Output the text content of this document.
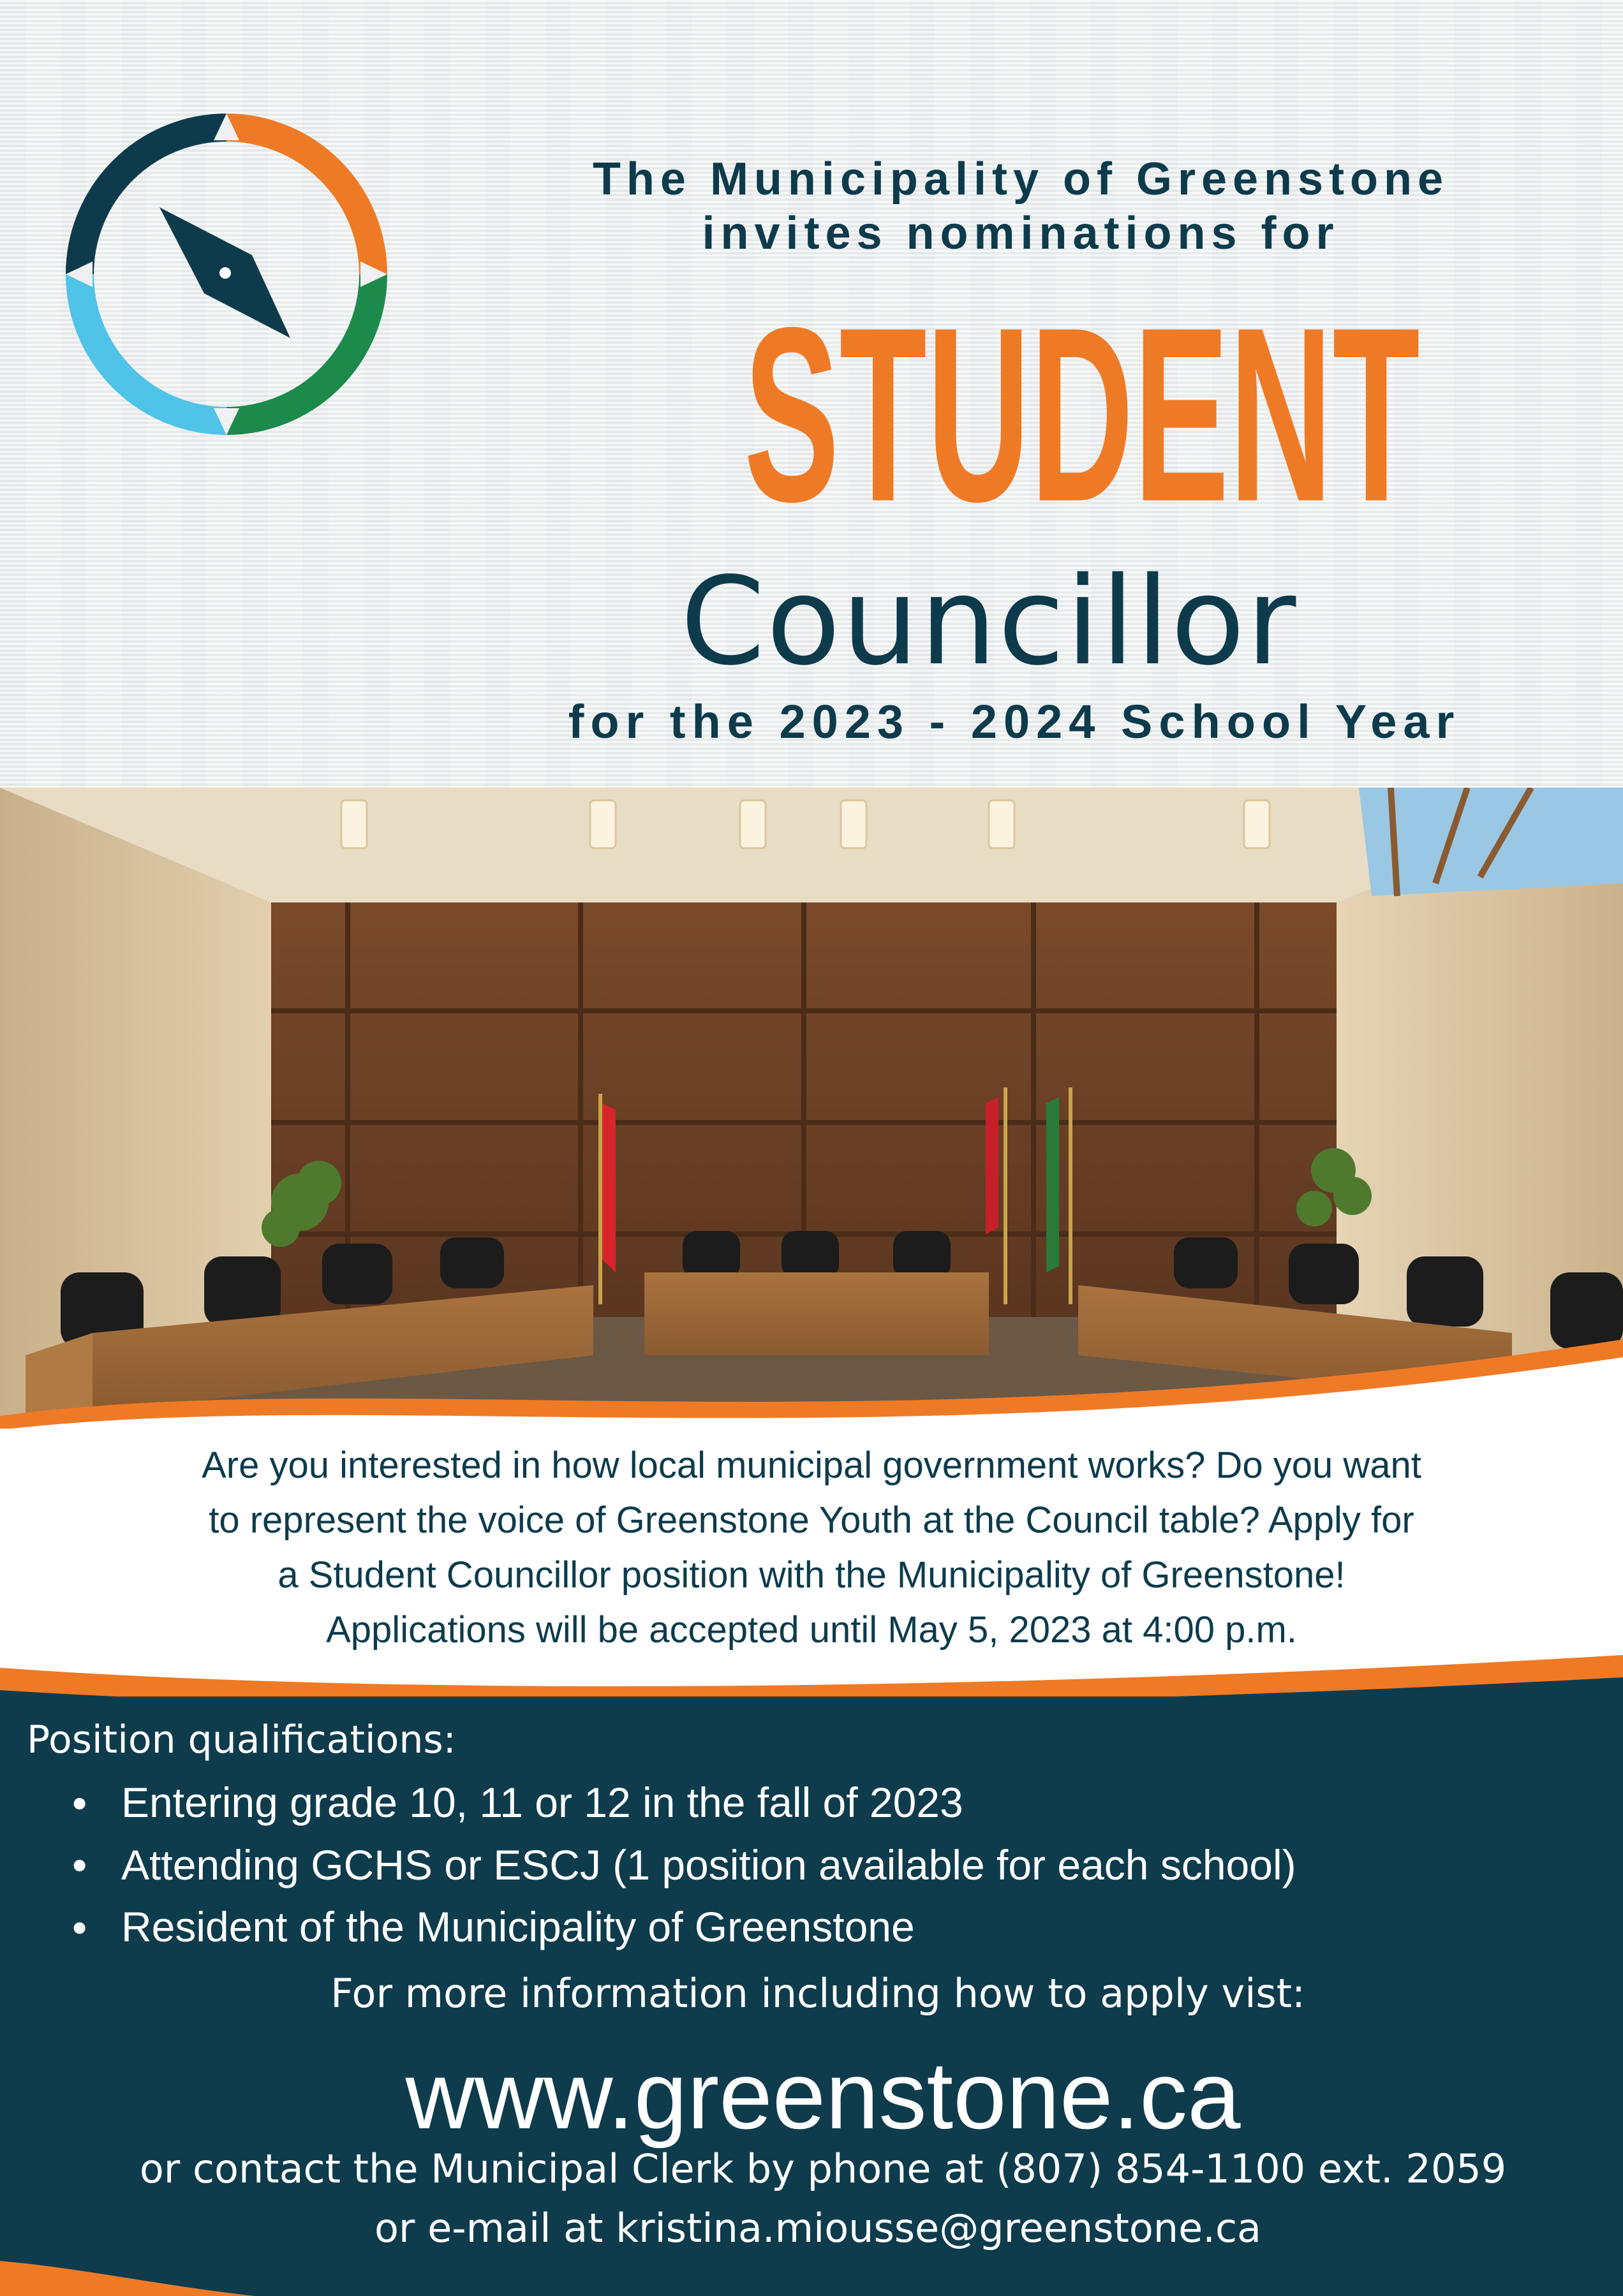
The Municipality of Greenstone
invites nominations for
STUDENT
Councillor
for the 2023 - 2024 School Year
Are you interested in how local municipal government works? Do you want
to represent the voice of Greenstone Youth at the Council table? Apply for
a Student Councillor position with the Municipality of Greenstone!
Applications will be accepted until May 5, 2023 at 4:00 p.m.
Position qualifications:
● Entering grade 10, 11 or 12 in the fall of 2023
● Attending GCHS or ESCJ (1 position available for each school)
● Resident of the Municipality of Greenstone
For more information including how to apply vist:
www.greenstone.ca
or contact the Municipal Clerk by phone at (807) 854-1100 ext. 2059
or e-mail at kristina.miousse@greenstone.ca
